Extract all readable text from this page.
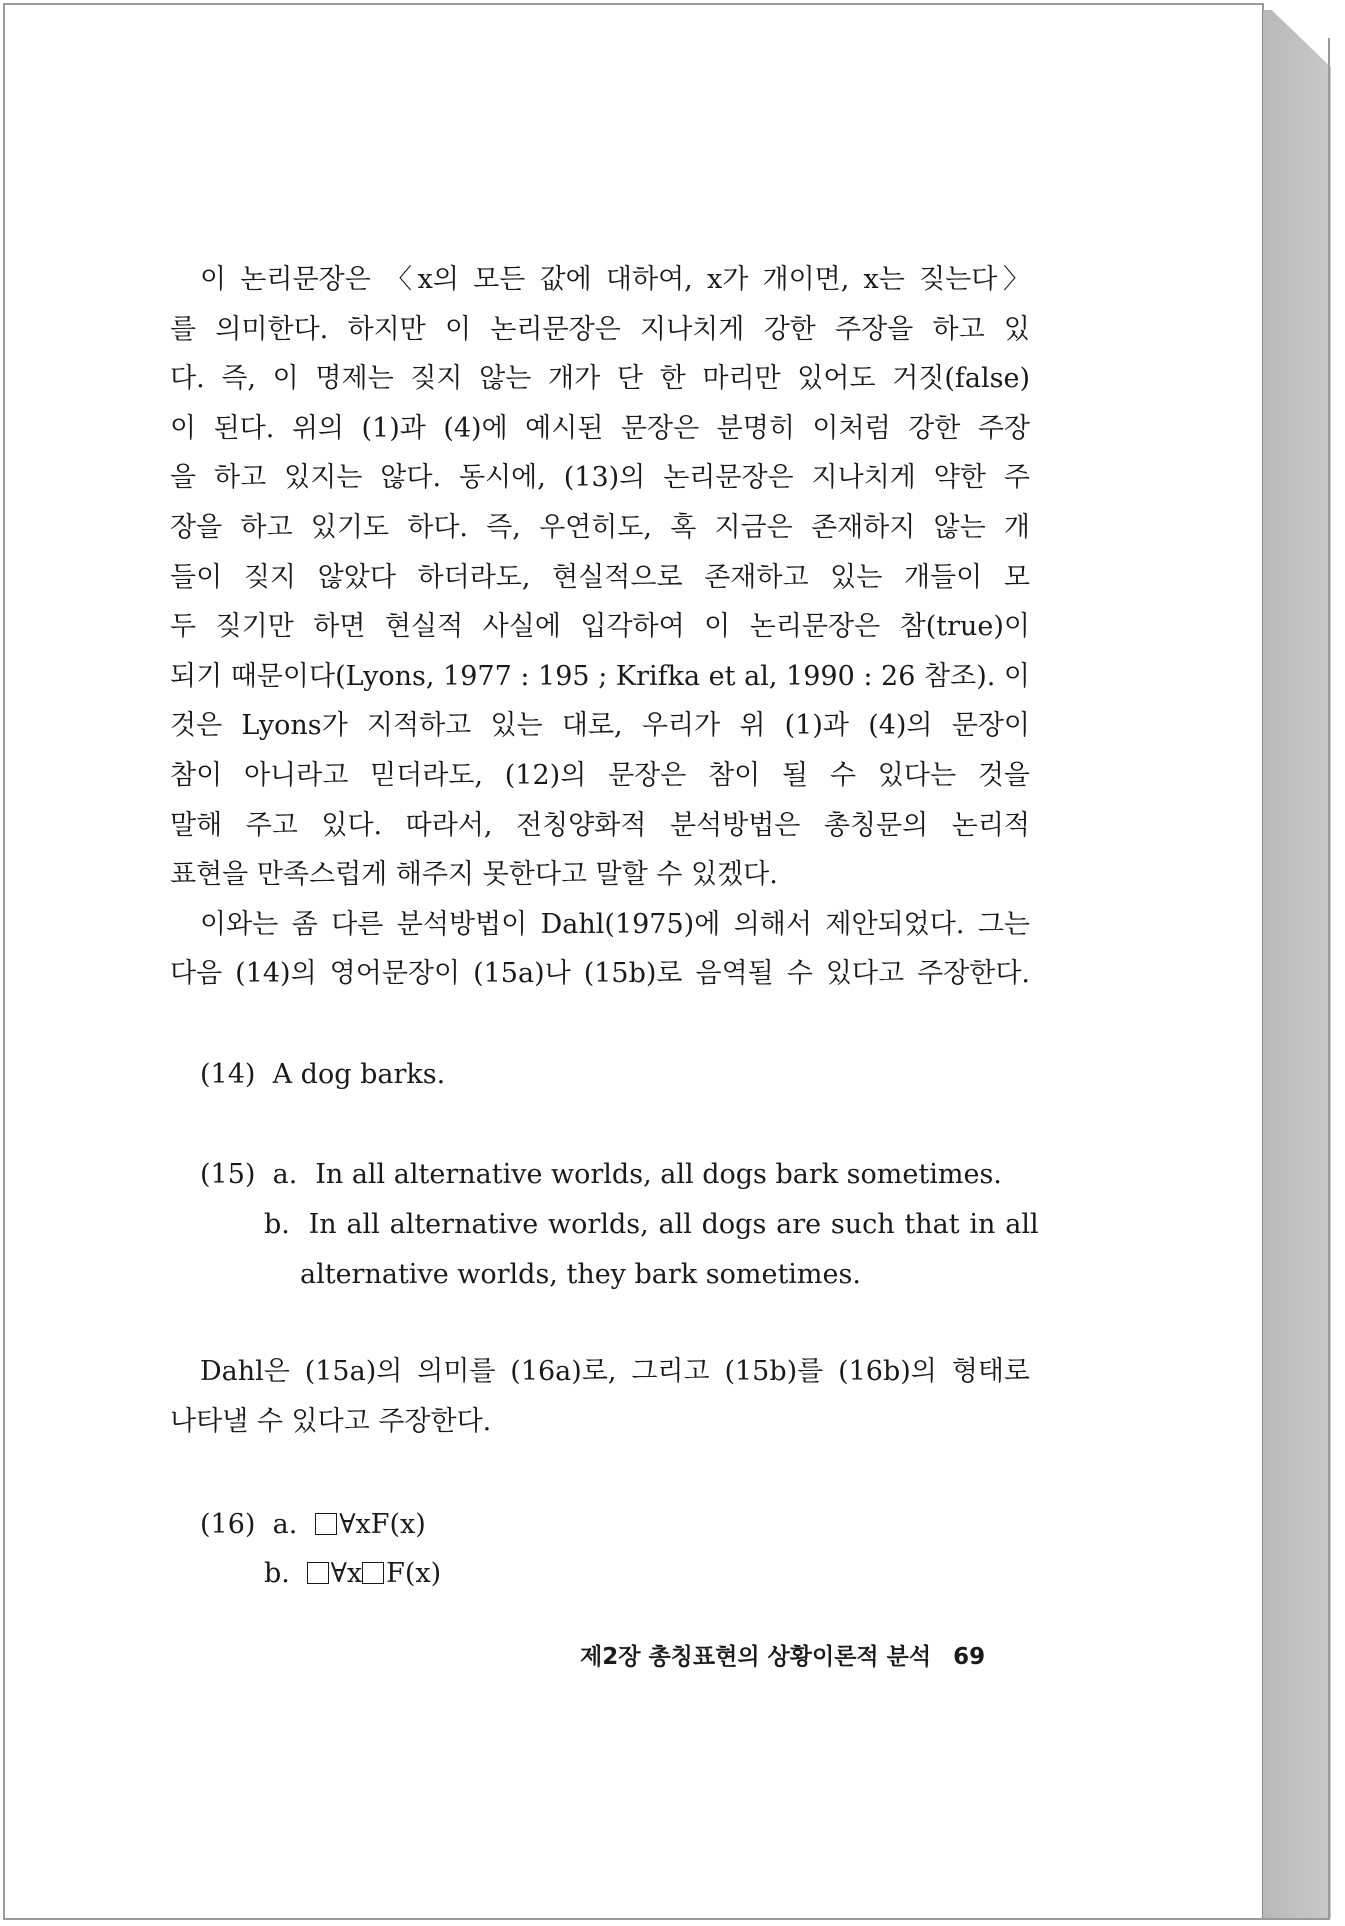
이 논리문장은 〈x의 모든 값에 대하여, x가 개이면, x는 짖는다〉
를 의미한다. 하지만 이 논리문장은 지나치게 강한 주장을 하고 있
다. 즉, 이 명제는 짖지 않는 개가 단 한 마리만 있어도 거짓(false)
이 된다. 위의 (1)과 (4)에 예시된 문장은 분명히 이처럼 강한 주장
을 하고 있지는 않다. 동시에, (13)의 논리문장은 지나치게 약한 주
장을 하고 있기도 하다. 즉, 우연히도, 혹 지금은 존재하지 않는 개
들이 짖지 않았다 하더라도, 현실적으로 존재하고 있는 개들이 모
두 짖기만 하면 현실적 사실에 입각하여 이 논리문장은 참(true)이
되기 때문이다(Lyons, 1977 : 195 ; Krifka et al, 1990 : 26 참조). 이
것은 Lyons가 지적하고 있는 대로, 우리가 위 (1)과 (4)의 문장이
참이 아니라고 믿더라도, (12)의 문장은 참이 될 수 있다는 것을
말해 주고 있다. 따라서, 전칭양화적 분석방법은 총칭문의 논리적
표현을 만족스럽게 해주지 못한다고 말할 수 있겠다.

이와는 좀 다른 분석방법이 Dahl(1975)에 의해서 제안되었다. 그는
다음 (14)의 영어문장이 (15a)나 (15b)로 음역될 수 있다고 주장한다.

(14) A dog barks.
(15) a. In all alternative worlds, all dogs bark sometimes.
b. In all alternative worlds, all dogs are such that in all
alternative worlds, they bark sometimes.

Dahl은 (15a)의 의미를 (16a)로, 그리고 (15b)를 (16b)의 형태로
나타낼 수 있다고 주장한다.

(16) a. ∀xF(x)
b. ∀x F(x)
제2장 총칭표현의 상황이론적 분석 69
